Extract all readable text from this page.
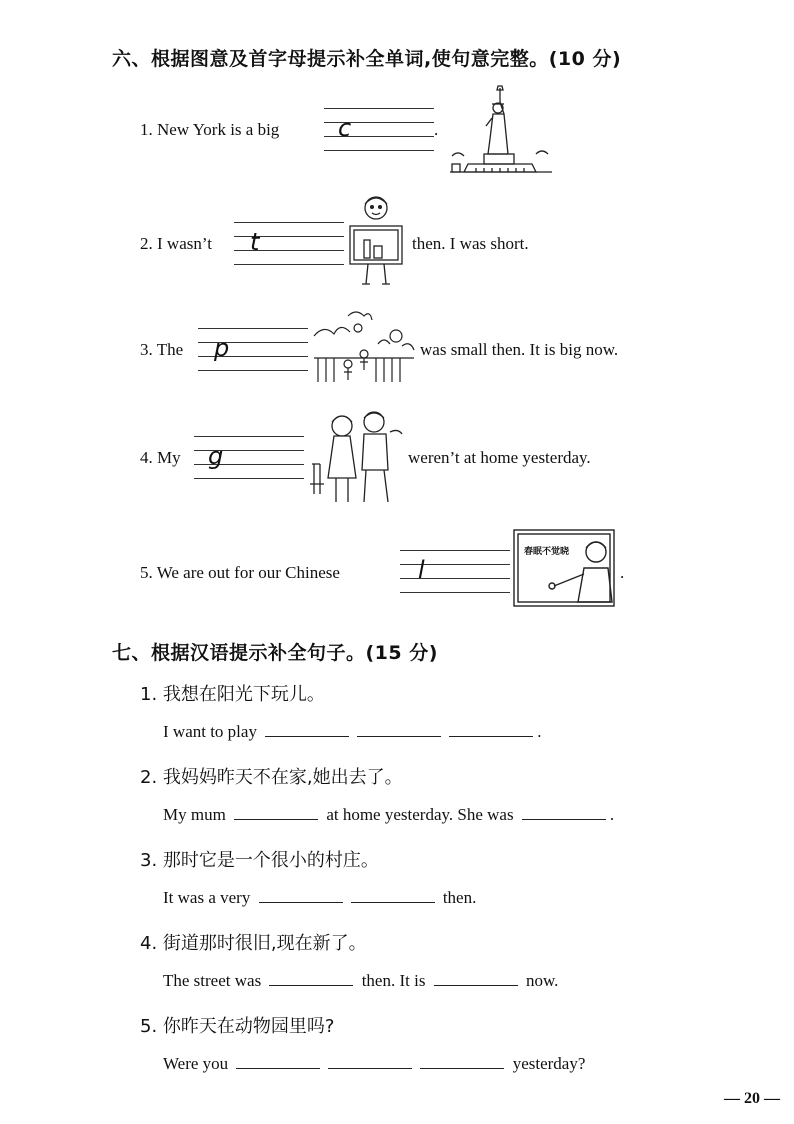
六、根据图意及首字母提示补全单词,使句意完整。(10 分)
1. New York is a big c	.
2. I wasn’t t	then. I was short.
3. The p	was small then. It is big now.
4. My g	weren’t at home yesterday.
5. We are out for our Chinese	l
春眠不觉晓
.
七、根据汉语提示补全句子。(15 分)
1. 我想在阳光下玩儿。
I want to play	.
2. 我妈妈昨天不在家,她出去了。
My mum	at home yesterday. She was	.
3. 那时它是一个很小的村庄。
It was a very	then.
4. 街道那时很旧,现在新了。
The street was	then. It is	now.
5. 你昨天在动物园里吗?
Were you	yesterday?
— 20 —
